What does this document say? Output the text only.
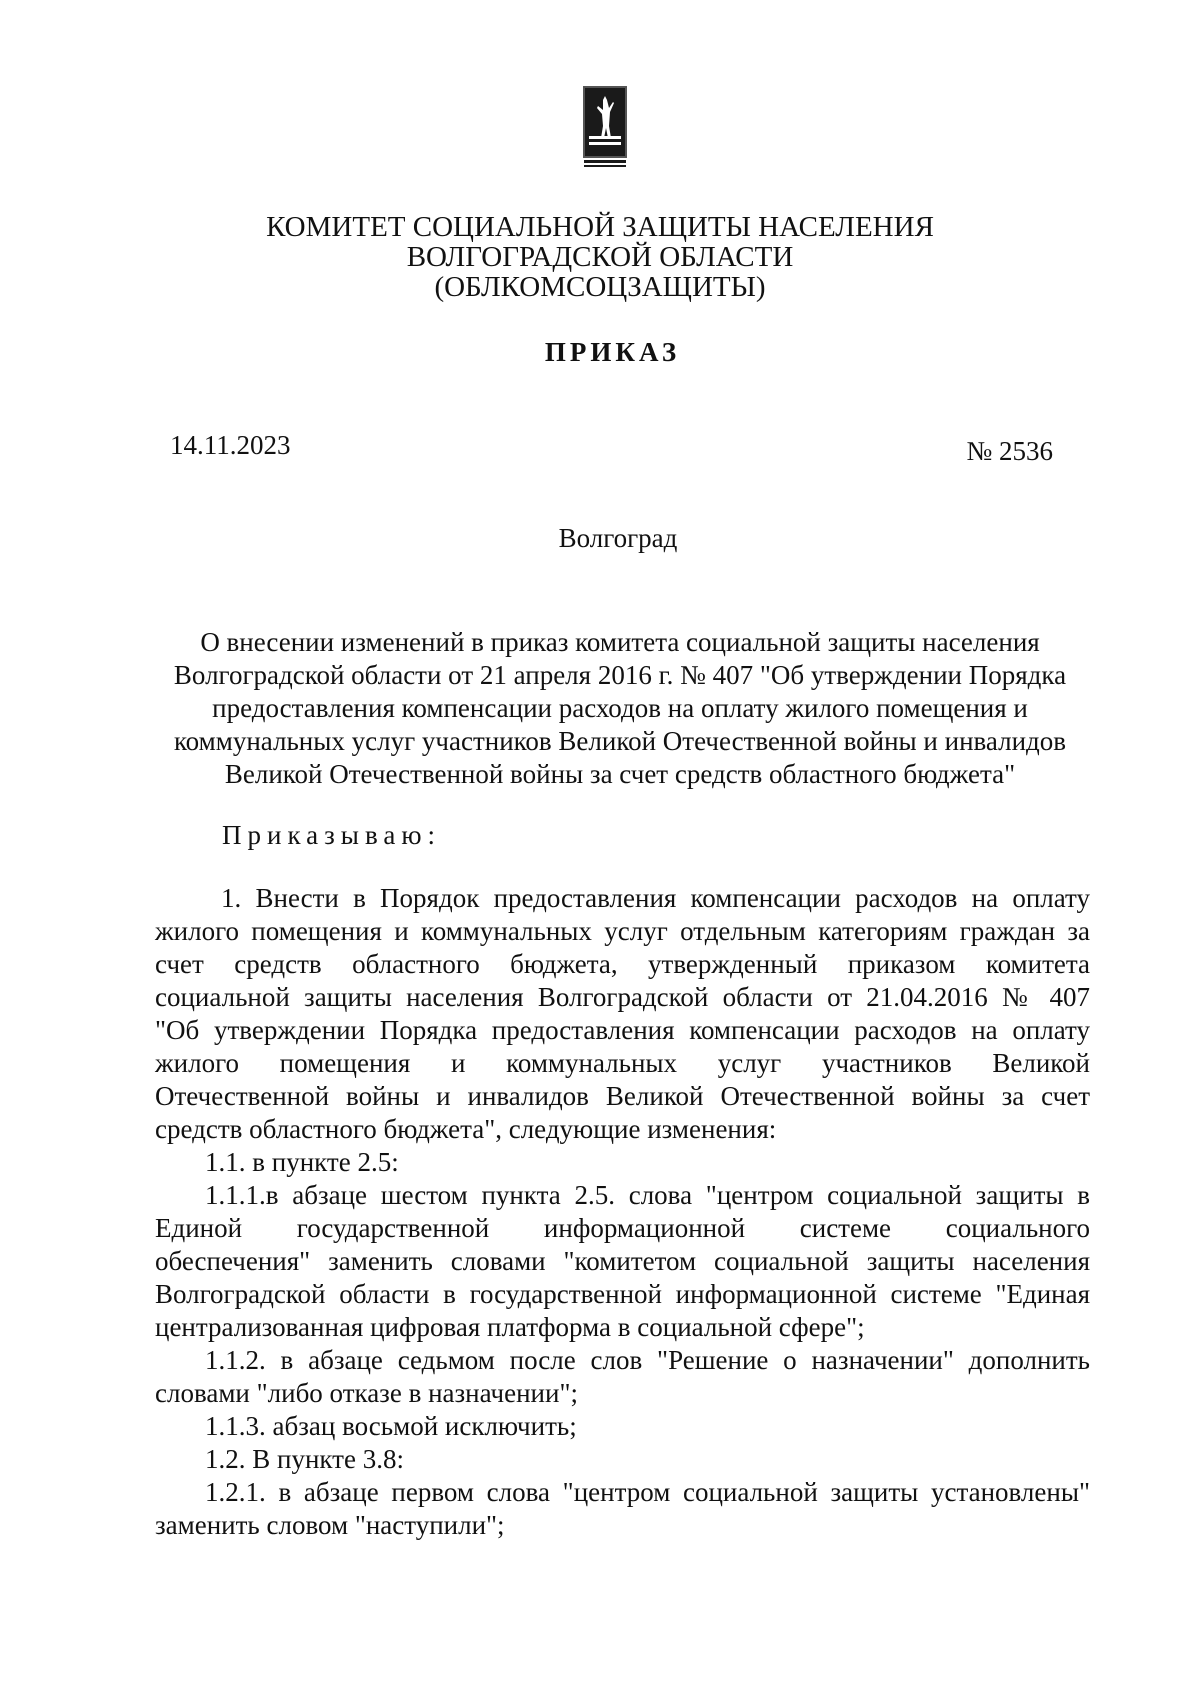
КОМИТЕТ СОЦИАЛЬНОЙ ЗАЩИТЫ НАСЕЛЕНИЯ
ВОЛГОГРАДСКОЙ ОБЛАСТИ
(ОБЛКОМСОЦЗАЩИТЫ)
ПРИКАЗ
14.11.2023	№ 2536
Волгоград
О внесении изменений в приказ комитета социальной защиты населения
Волгоградской области от 21 апреля 2016 г. № 407 "Об утверждении Порядка
предоставления компенсации расходов на оплату жилого помещения и
коммунальных услуг участников Великой Отечественной войны и инвалидов
Великой Отечественной войны за счет средств областного бюджета"
Приказываю:
1. Внести в Порядок предоставления компенсации расходов на оплату
жилого помещения и коммунальных услуг отдельным категориям граждан за
счет средств областного бюджета, утвержденный приказом комитета
социальной защиты населения Волгоградской области от 21.04.2016 № 407
"Об утверждении Порядка предоставления компенсации расходов на оплату
жилого помещения и коммунальных услуг участников Великой
Отечественной войны и инвалидов Великой Отечественной войны за счет
средств областного бюджета", следующие изменения:
1.1. в пункте 2.5:
1.1.1.в абзаце шестом пункта 2.5. слова "центром социальной защиты в
Единой государственной информационной системе социального
обеспечения" заменить словами "комитетом социальной защиты населения
Волгоградской области в государственной информационной системе "Единая
централизованная цифровая платформа в социальной сфере";
1.1.2. в абзаце седьмом после слов "Решение о назначении" дополнить
словами "либо отказе в назначении";
1.1.3. абзац восьмой исключить;
1.2. В пункте 3.8:
1.2.1. в абзаце первом слова "центром социальной защиты установлены"
заменить словом "наступили";
